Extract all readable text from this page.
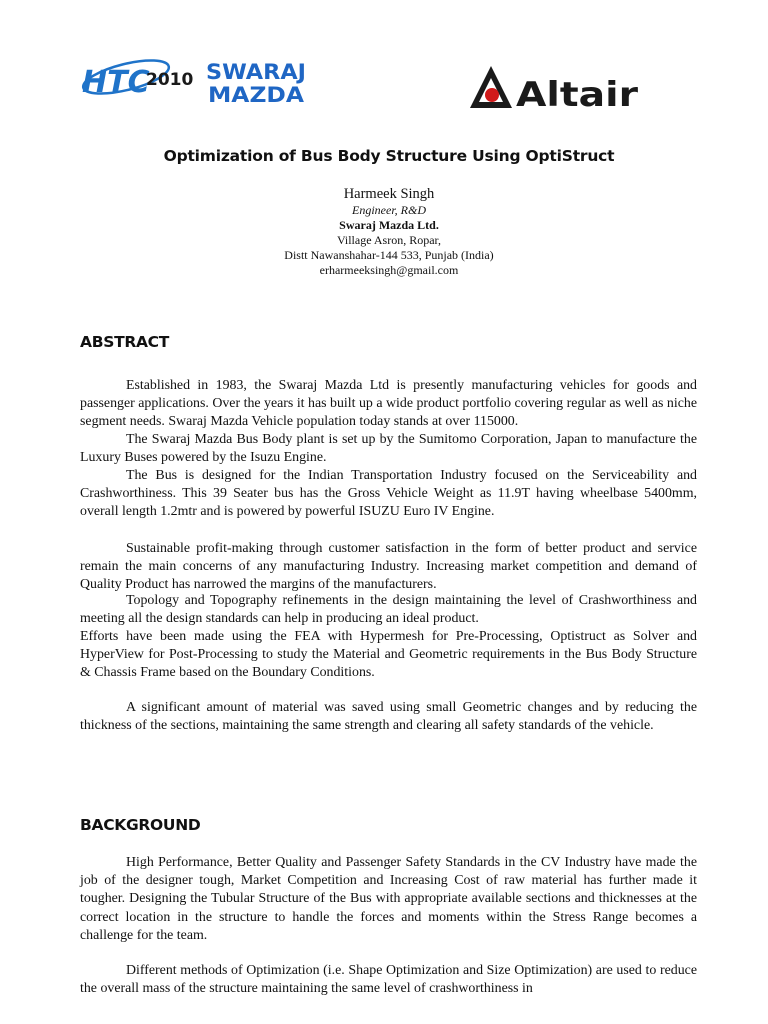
HTC
2010 SWARAJ
MAZDA	Altair
Optimization of Bus Body Structure Using OptiStruct
Harmeek Singh
Engineer, R&D
Swaraj Mazda Ltd.
Village Asron, Ropar,
Distt Nawanshahar-144 533, Punjab (India)
erharmeeksingh@gmail.com
ABSTRACT

Established in 1983, the Swaraj Mazda Ltd is presently manufacturing vehicles for goods and passenger applications. Over the years it has built up a wide product portfolio covering regular as well as niche segment needs. Swaraj Mazda Vehicle population today stands at over 115000.

The Swaraj Mazda Bus Body plant is set up by the Sumitomo Corporation, Japan to manufacture the Luxury Buses powered by the Isuzu Engine.

The Bus is designed for the Indian Transportation Industry focused on the Serviceability and Crashworthiness. This 39 Seater bus has the Gross Vehicle Weight as 11.9T having wheelbase 5400mm, overall length 1.2mtr and is powered by powerful ISUZU Euro IV Engine.

Sustainable profit-making through customer satisfaction in the form of better product and service remain the main concerns of any manufacturing Industry. Increasing market competition and demand of Quality Product has narrowed the margins of the manufacturers.

Topology and Topography refinements in the design maintaining the level of Crashworthiness and meeting all the design standards can help in producing an ideal product.

Efforts have been made using the FEA with Hypermesh for Pre-Processing, Optistruct as Solver and HyperView for Post-Processing to study the Material and Geometric requirements in the Bus Body Structure & Chassis Frame based on the Boundary Conditions.

A significant amount of material was saved using small Geometric changes and by reducing the thickness of the sections, maintaining the same strength and clearing all safety standards of the vehicle.

BACKGROUND

High Performance, Better Quality and Passenger Safety Standards in the CV Industry have made the job of the designer tough, Market Competition and Increasing Cost of raw material has further made it tougher. Designing the Tubular Structure of the Bus with appropriate available sections and thicknesses at the correct location in the structure to handle the forces and moments within the Stress Range becomes a challenge for the team.

Different methods of Optimization (i.e. Shape Optimization and Size Optimization) are used to reduce the overall mass of the structure maintaining the same level of crashworthiness in
